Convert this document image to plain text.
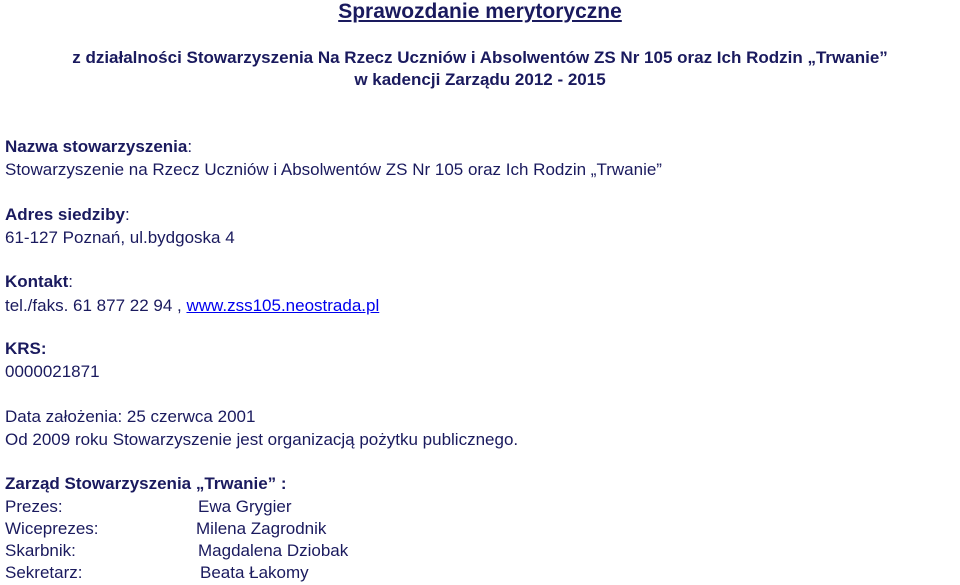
Sprawozdanie merytoryczne
z działalności Stowarzyszenia Na Rzecz Uczniów i Absolwentów ZS Nr 105 oraz Ich Rodzin „Trwanie”
w kadencji Zarządu 2012 - 2015
Nazwa stowarzyszenia:
Stowarzyszenie na Rzecz Uczniów i Absolwentów ZS Nr 105 oraz Ich Rodzin „Trwanie”
Adres siedziby:
61-127 Poznań, ul.bydgoska 4
Kontakt:
tel./faks. 61 877 22 94 , www.zss105.neostrada.pl
KRS:
0000021871
Data założenia: 25 czerwca 2001
Od 2009 roku Stowarzyszenie jest organizacją pożytku publicznego.
Zarząd Stowarzyszenia „Trwanie” :
Prezes:	Ewa Grygier
Wiceprezes:	Milena Zagrodnik
Skarbnik:	Magdalena Dziobak
Sekretarz:	Beata Łakomy
